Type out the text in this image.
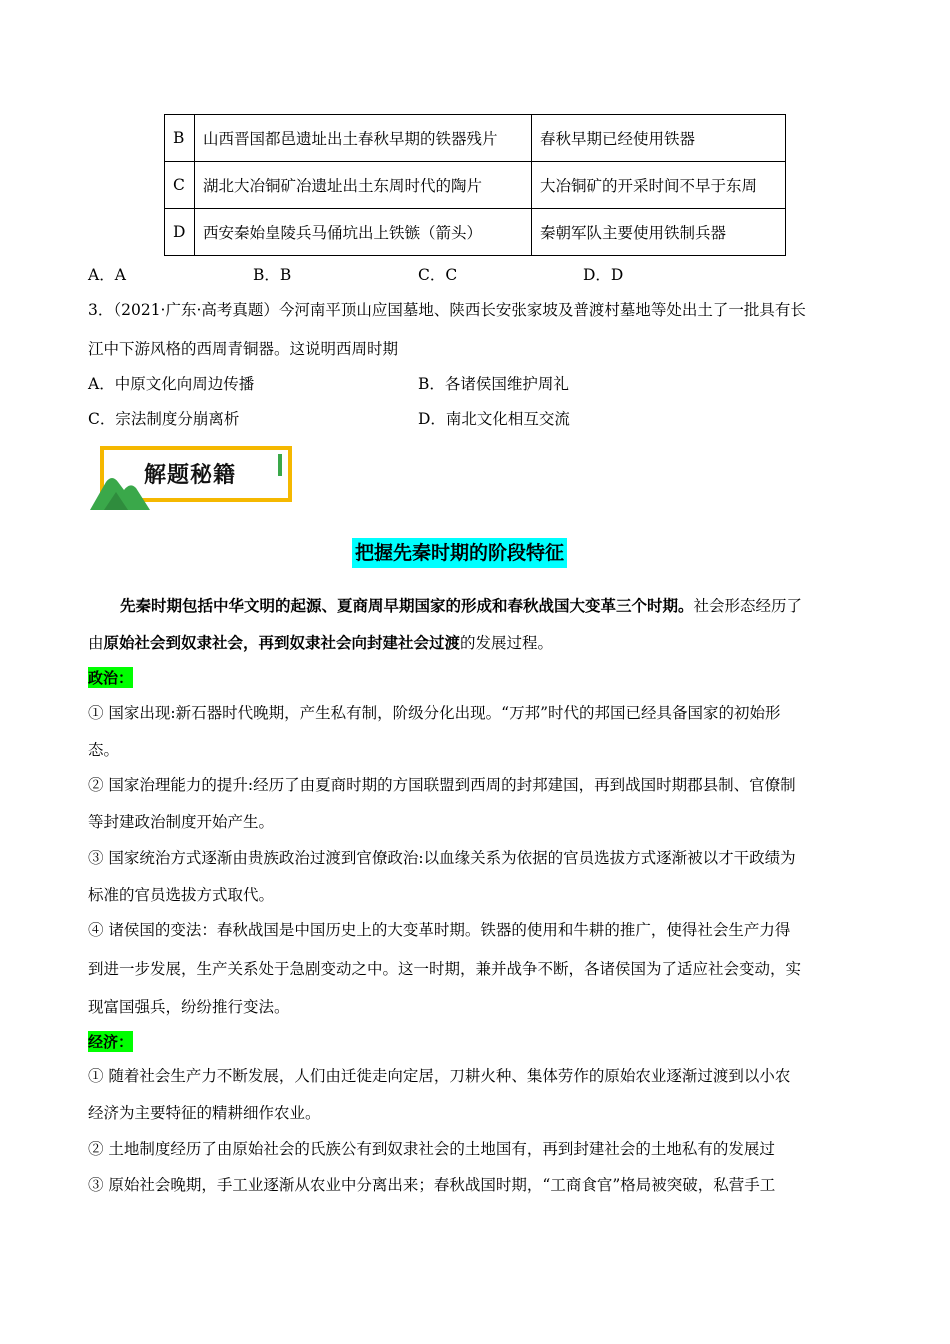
B	山西晋国都邑遗址出土春秋早期的铁器残片	春秋早期已经使用铁器
C	湖北大冶铜矿冶遗址出土东周时代的陶片	大冶铜矿的开采时间不早于东周
D	西安秦始皇陵兵马俑坑出上铁镞（箭头）	秦朝军队主要使用铁制兵器
A．A	B．B	C．C	D．D
3．（2021·广东·高考真题）今河南平顶山应国墓地、陕西长安张家坡及普渡村墓地等处出土了一批具有长
江中下游风格的西周青铜器。这说明西周时期
A．中原文化向周边传播	B．各诸侯国维护周礼
C．宗法制度分崩离析	D．南北文化相互交流
解题秘籍
把握先秦时期的阶段特征
先秦时期包括中华文明的起源、夏商周早期国家的形成和春秋战国大变革三个时期。社会形态经历了
由原始社会到奴隶社会，再到奴隶社会向封建社会过渡的发展过程。
政治：
① 国家出现:新石器时代晚期，产生私有制，阶级分化出现。“万邦”时代的邦国已经具备国家的初始形
态。
② 国家治理能力的提升:经历了由夏商时期的方国联盟到西周的封邦建国，再到战国时期郡县制、官僚制
等封建政治制度开始产生。
③ 国家统治方式逐渐由贵族政治过渡到官僚政治:以血缘关系为依据的官员选拔方式逐渐被以才干政绩为
标准的官员选拔方式取代。
④ 诸侯国的变法：春秋战国是中国历史上的大变革时期。铁器的使用和牛耕的推广，使得社会生产力得
到进一步发展，生产关系处于急剧变动之中。这一时期，兼并战争不断，各诸侯国为了适应社会变动，实
现富国强兵，纷纷推行变法。
经济：
① 随着社会生产力不断发展，人们由迁徙走向定居，刀耕火种、集体劳作的原始农业逐渐过渡到以小农
经济为主要特征的精耕细作农业。
② 土地制度经历了由原始社会的氏族公有到奴隶社会的土地国有，再到封建社会的土地私有的发展过
③ 原始社会晚期，手工业逐渐从农业中分离出来；春秋战国时期，“工商食官”格局被突破，私营手工
